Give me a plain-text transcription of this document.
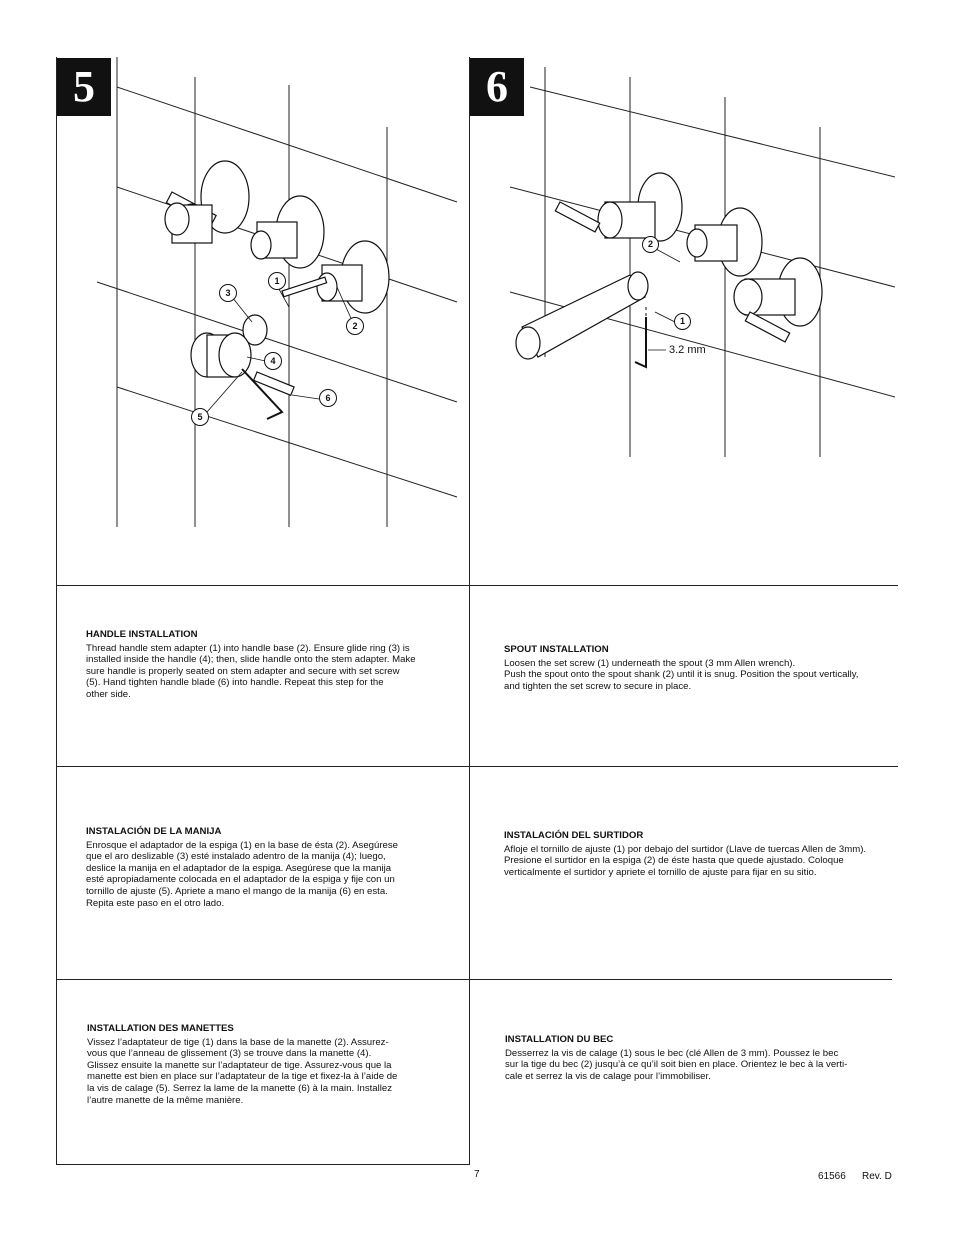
5	6
1
2
3
4
5
6
2
1
3.2 mm
HANDLE INSTALLATION
Thread handle stem adapter (1) into handle base (2). Ensure glide ring (3) is
installed inside the handle (4); then, slide handle onto the stem adapter. Make
sure handle is properly seated on stem adapter and secure with set screw
(5). Hand tighten handle blade (6) into handle. Repeat this step for the
other side.
SPOUT INSTALLATION
Loosen the set screw (1) underneath the spout (3 mm Allen wrench).
Push the spout onto the spout shank (2) until it is snug. Position the spout vertically,
and tighten the set screw to secure in place.
INSTALACIÓN DE LA MANIJA
Enrosque el adaptador de la espiga (1) en la base de ésta (2). Asegúrese
que el aro deslizable (3) esté instalado adentro de la manija (4); luego,
deslice la manija en el adaptador de la espiga. Asegúrese que la manija
esté apropiadamente colocada en el adaptador de la espiga y fije con un
tornillo de ajuste (5). Apriete a mano el mango de la manija (6) en esta.
Repita este paso en el otro lado.
INSTALACIÓN DEL SURTIDOR
Afloje el tornillo de ajuste (1) por debajo del surtidor (Llave de tuercas Allen de 3mm).
Presione el surtidor en la espiga (2) de éste hasta que quede ajustado. Coloque
verticalmente el surtidor y apriete el tornillo de ajuste para fijar en su sitio.
INSTALLATION DES MANETTES
Vissez l’adaptateur de tige (1) dans la base de la manette (2). Assurez-
vous que l’anneau de glissement (3) se trouve dans la manette (4).
Glissez ensuite la manette sur l’adaptateur de tige. Assurez-vous que la
manette est bien en place sur l’adaptateur de la tige et fixez-la à l’aide de
la vis de calage (5). Serrez la lame de la manette (6) à la main. Installez
l’autre manette de la même manière.
INSTALLATION DU BEC
Desserrez la vis de calage (1) sous le bec (clé Allen de 3 mm). Poussez le bec
sur la tige du bec (2) jusqu’à ce qu’il soit bien en place. Orientez le bec à la verti-
cale et serrez la vis de calage pour l’immobiliser.
7	61566 Rev. D
